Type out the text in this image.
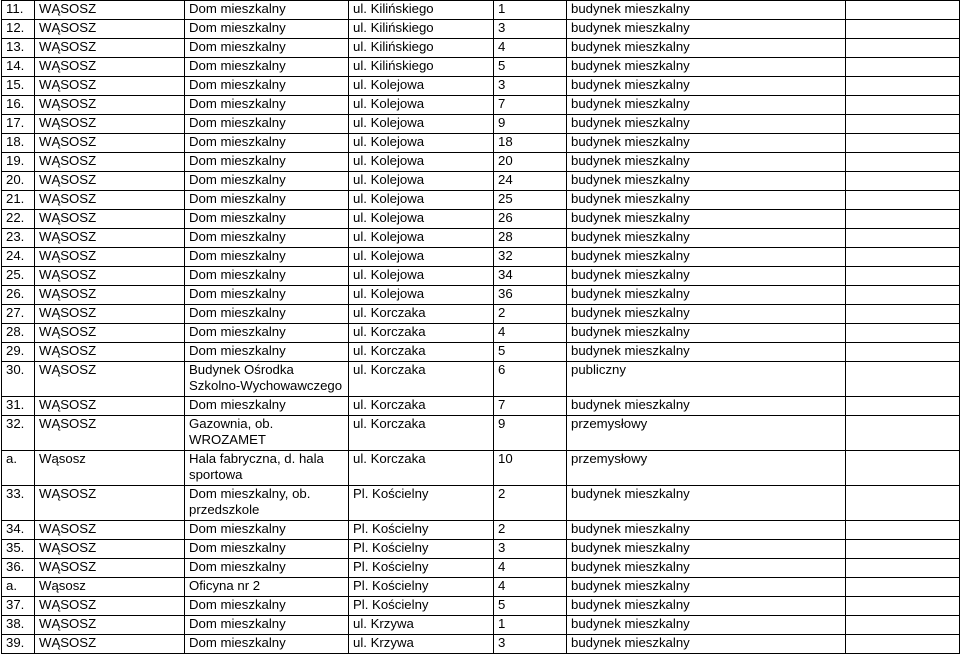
11.	WĄSOSZ	Dom mieszkalny	ul. Kilińskiego	1	budynek mieszkalny	
12.	WĄSOSZ	Dom mieszkalny	ul. Kilińskiego	3	budynek mieszkalny	
13.	WĄSOSZ	Dom mieszkalny	ul. Kilińskiego	4	budynek mieszkalny	
14.	WĄSOSZ	Dom mieszkalny	ul. Kilińskiego	5	budynek mieszkalny	
15.	WĄSOSZ	Dom mieszkalny	ul. Kolejowa	3	budynek mieszkalny	
16.	WĄSOSZ	Dom mieszkalny	ul. Kolejowa	7	budynek mieszkalny	
17.	WĄSOSZ	Dom mieszkalny	ul. Kolejowa	9	budynek mieszkalny	
18.	WĄSOSZ	Dom mieszkalny	ul. Kolejowa	18	budynek mieszkalny	
19.	WĄSOSZ	Dom mieszkalny	ul. Kolejowa	20	budynek mieszkalny	
20.	WĄSOSZ	Dom mieszkalny	ul. Kolejowa	24	budynek mieszkalny	
21.	WĄSOSZ	Dom mieszkalny	ul. Kolejowa	25	budynek mieszkalny	
22.	WĄSOSZ	Dom mieszkalny	ul. Kolejowa	26	budynek mieszkalny	
23.	WĄSOSZ	Dom mieszkalny	ul. Kolejowa	28	budynek mieszkalny	
24.	WĄSOSZ	Dom mieszkalny	ul. Kolejowa	32	budynek mieszkalny	
25.	WĄSOSZ	Dom mieszkalny	ul. Kolejowa	34	budynek mieszkalny	
26.	WĄSOSZ	Dom mieszkalny	ul. Kolejowa	36	budynek mieszkalny	
27.	WĄSOSZ	Dom mieszkalny	ul. Korczaka	2	budynek mieszkalny	
28.	WĄSOSZ	Dom mieszkalny	ul. Korczaka	4	budynek mieszkalny	
29.	WĄSOSZ	Dom mieszkalny	ul. Korczaka	5	budynek mieszkalny	
30.	WĄSOSZ	Budynek Ośrodka Szkolno-Wychowawczego	ul. Korczaka	6	publiczny	
31.	WĄSOSZ	Dom mieszkalny	ul. Korczaka	7	budynek mieszkalny	
32.	WĄSOSZ	Gazownia, ob. WROZAMET	ul. Korczaka	9	przemysłowy	
a.	Wąsosz	Hala fabryczna, d. hala sportowa	ul. Korczaka	10	przemysłowy	
33.	WĄSOSZ	Dom mieszkalny, ob. przedszkole	Pl. Kościelny	2	budynek mieszkalny	
34.	WĄSOSZ	Dom mieszkalny	Pl. Kościelny	2	budynek mieszkalny	
35.	WĄSOSZ	Dom mieszkalny	Pl. Kościelny	3	budynek mieszkalny	
36.	WĄSOSZ	Dom mieszkalny	Pl. Kościelny	4	budynek mieszkalny	
a.	Wąsosz	Oficyna nr 2	Pl. Kościelny	4	budynek mieszkalny	
37.	WĄSOSZ	Dom mieszkalny	Pl. Kościelny	5	budynek mieszkalny	
38.	WĄSOSZ	Dom mieszkalny	ul. Krzywa	1	budynek mieszkalny	
39.	WĄSOSZ	Dom mieszkalny	ul. Krzywa	3	budynek mieszkalny	
